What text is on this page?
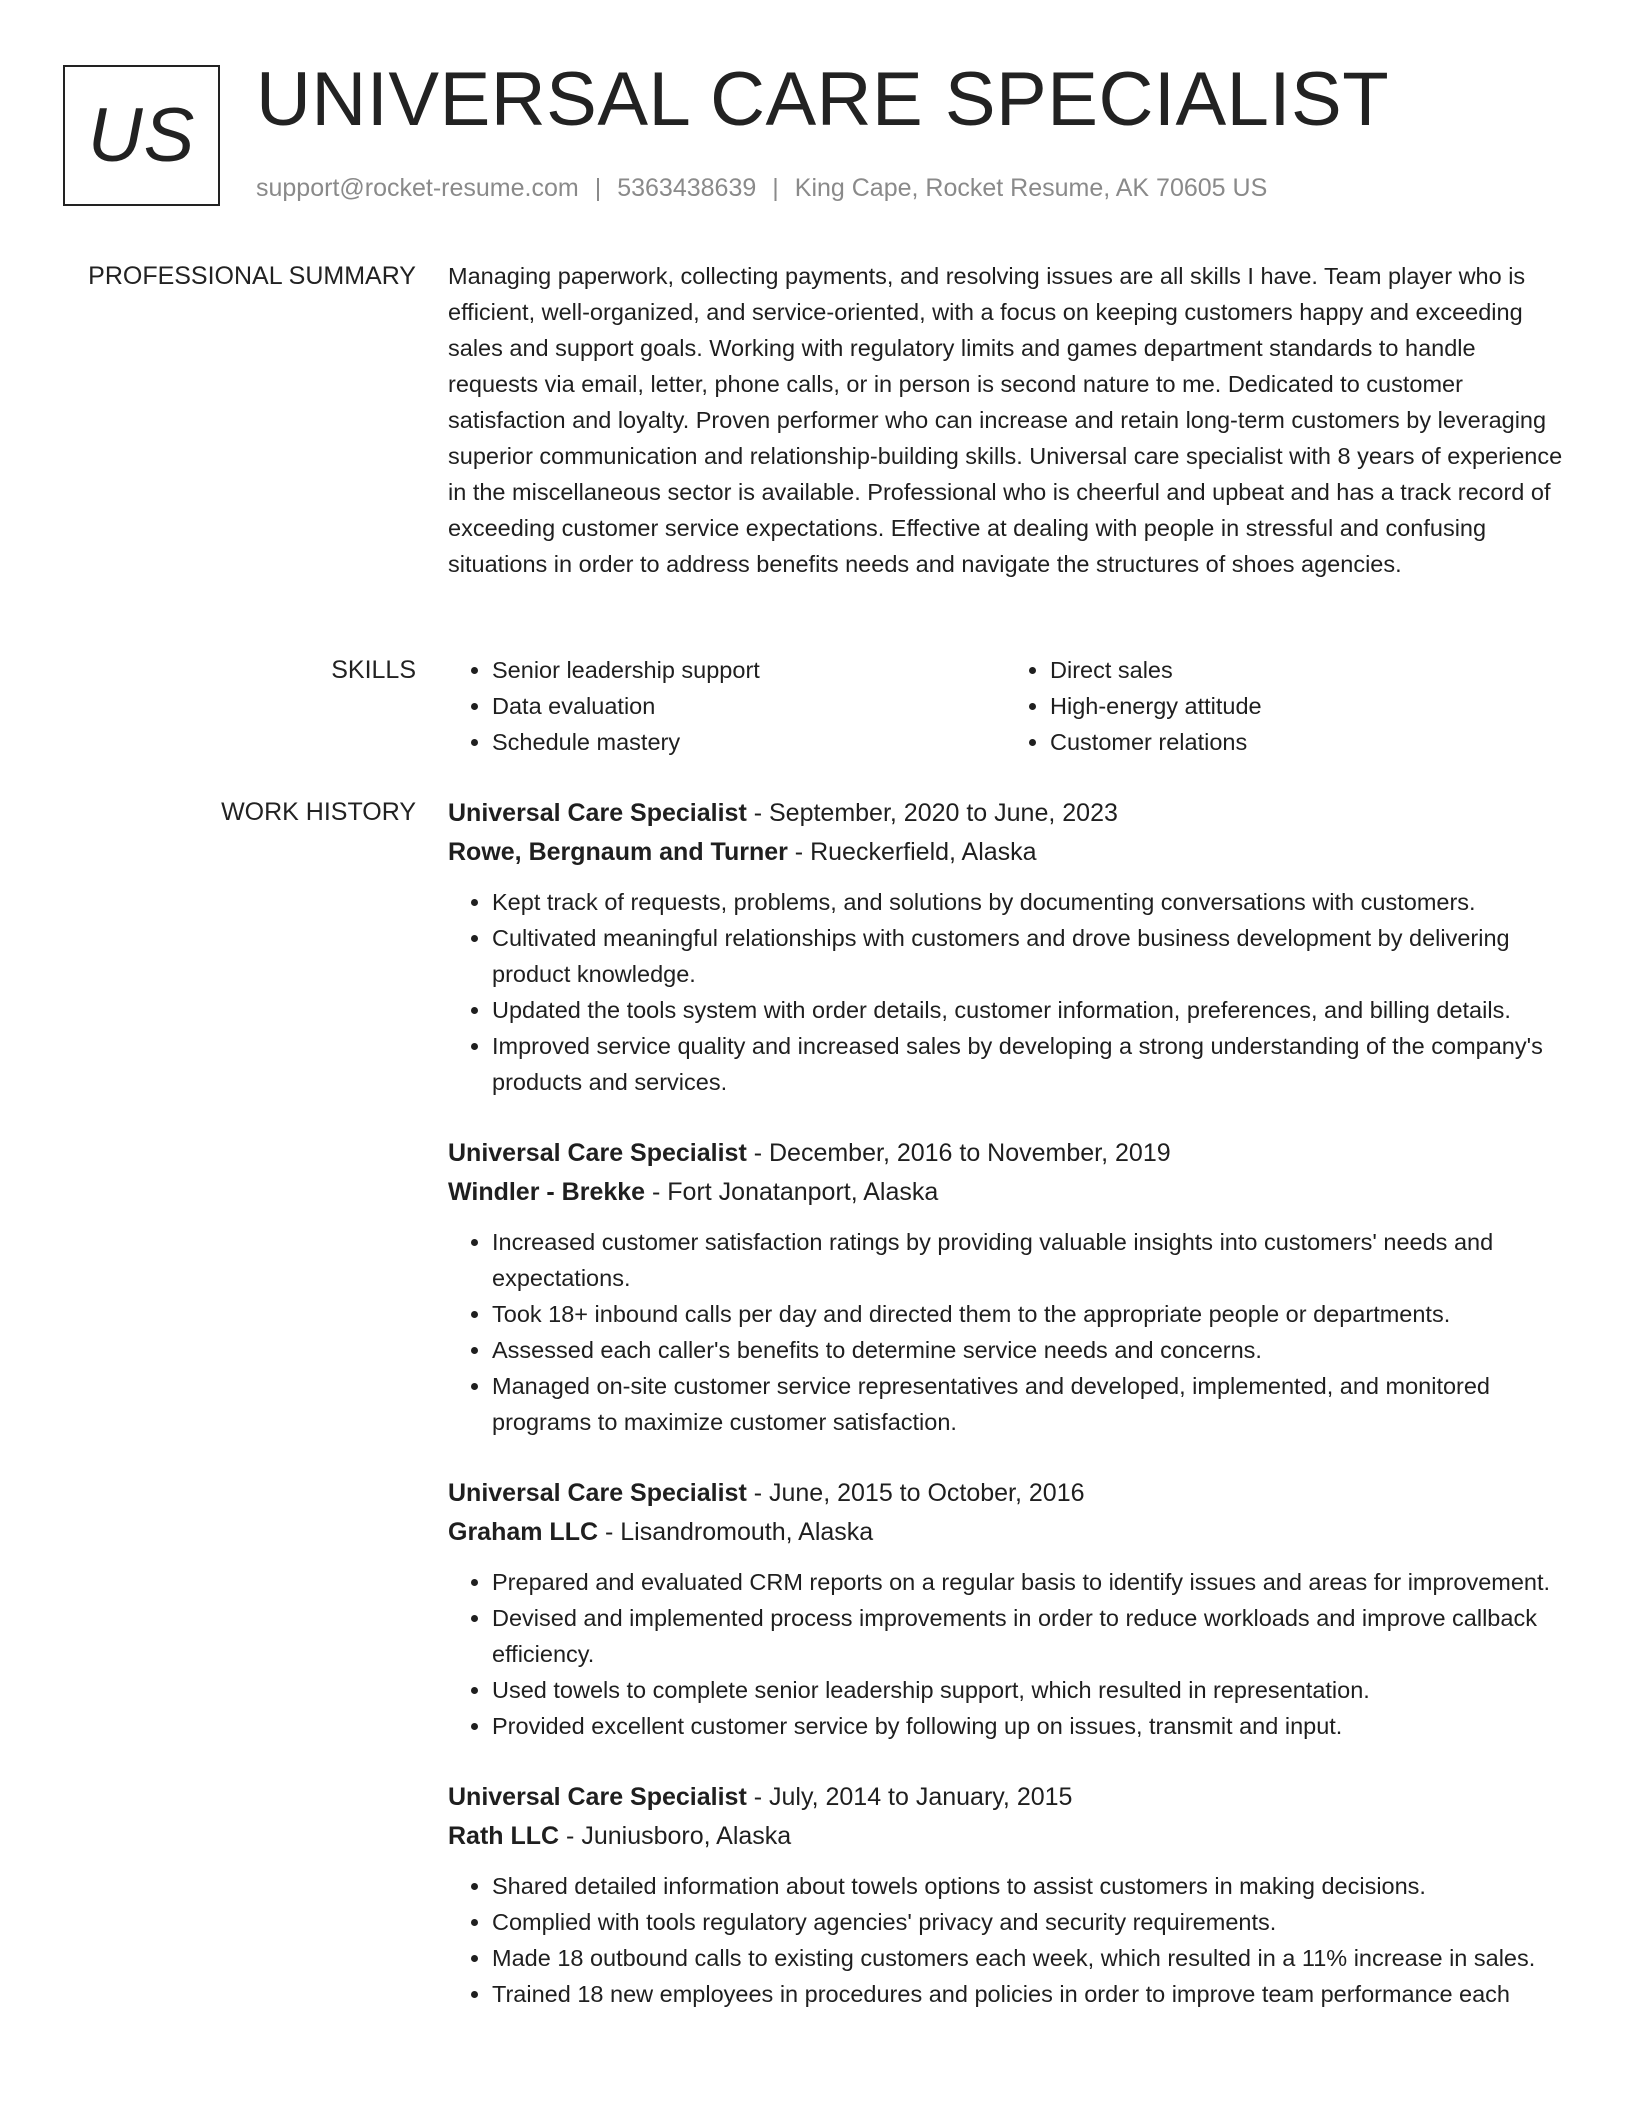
US UNIVERSAL CARE SPECIALIST
support@rocket-resume.com | 5363438639 | King Cape, Rocket Resume, AK 70605 US
PROFESSIONAL SUMMARY Managing paperwork, collecting payments, and resolving issues are all skills I have. Team player who is efficient, well-organized, and service-oriented, with a focus on keeping customers happy and exceeding sales and support goals. Working with regulatory limits and games department standards to handle requests via email, letter, phone calls, or in person is second nature to me. Dedicated to customer satisfaction and loyalty. Proven performer who can increase and retain long-term customers by leveraging superior communication and relationship-building skills. Universal care specialist with 8 years of experience in the miscellaneous sector is available. Professional who is cheerful and upbeat and has a track record of exceeding customer service expectations. Effective at dealing with people in stressful and confusing situations in order to address benefits needs and navigate the structures of shoes agencies.

SKILLS
•	Senior leadership support
• Data evaluation
• Schedule mastery
• Direct sales
• High-energy attitude
• Customer relations
WORK HISTORY Universal Care Specialist - September, 2020 to June, 2023
Rowe, Bergnaum and Turner - Rueckerfield, Alaska
• Kept track of requests, problems, and solutions by documenting conversations with customers.
• Cultivated meaningful relationships with customers and drove business development by delivering product knowledge.
• Updated the tools system with order details, customer information, preferences, and billing details.
• Improved service quality and increased sales by developing a strong understanding of the company's products and services.
Universal Care Specialist - December, 2016 to November, 2019
Windler - Brekke - Fort Jonatanport, Alaska
• Increased customer satisfaction ratings by providing valuable insights into customers' needs and expectations.
• Took 18+ inbound calls per day and directed them to the appropriate people or departments.
• Assessed each caller's benefits to determine service needs and concerns.
• Managed on-site customer service representatives and developed, implemented, and monitored programs to maximize customer satisfaction.
Universal Care Specialist - June, 2015 to October, 2016
Graham LLC - Lisandromouth, Alaska
• Prepared and evaluated CRM reports on a regular basis to identify issues and areas for improvement.
• Devised and implemented process improvements in order to reduce workloads and improve callback efficiency.
• Used towels to complete senior leadership support, which resulted in representation.
• Provided excellent customer service by following up on issues, transmit and input.
Universal Care Specialist - July, 2014 to January, 2015
Rath LLC - Juniusboro, Alaska
• Shared detailed information about towels options to assist customers in making decisions.
• Complied with tools regulatory agencies' privacy and security requirements.
• Made 18 outbound calls to existing customers each week, which resulted in a 11% increase in sales.
• Trained 18 new employees in procedures and policies in order to improve team performance each
